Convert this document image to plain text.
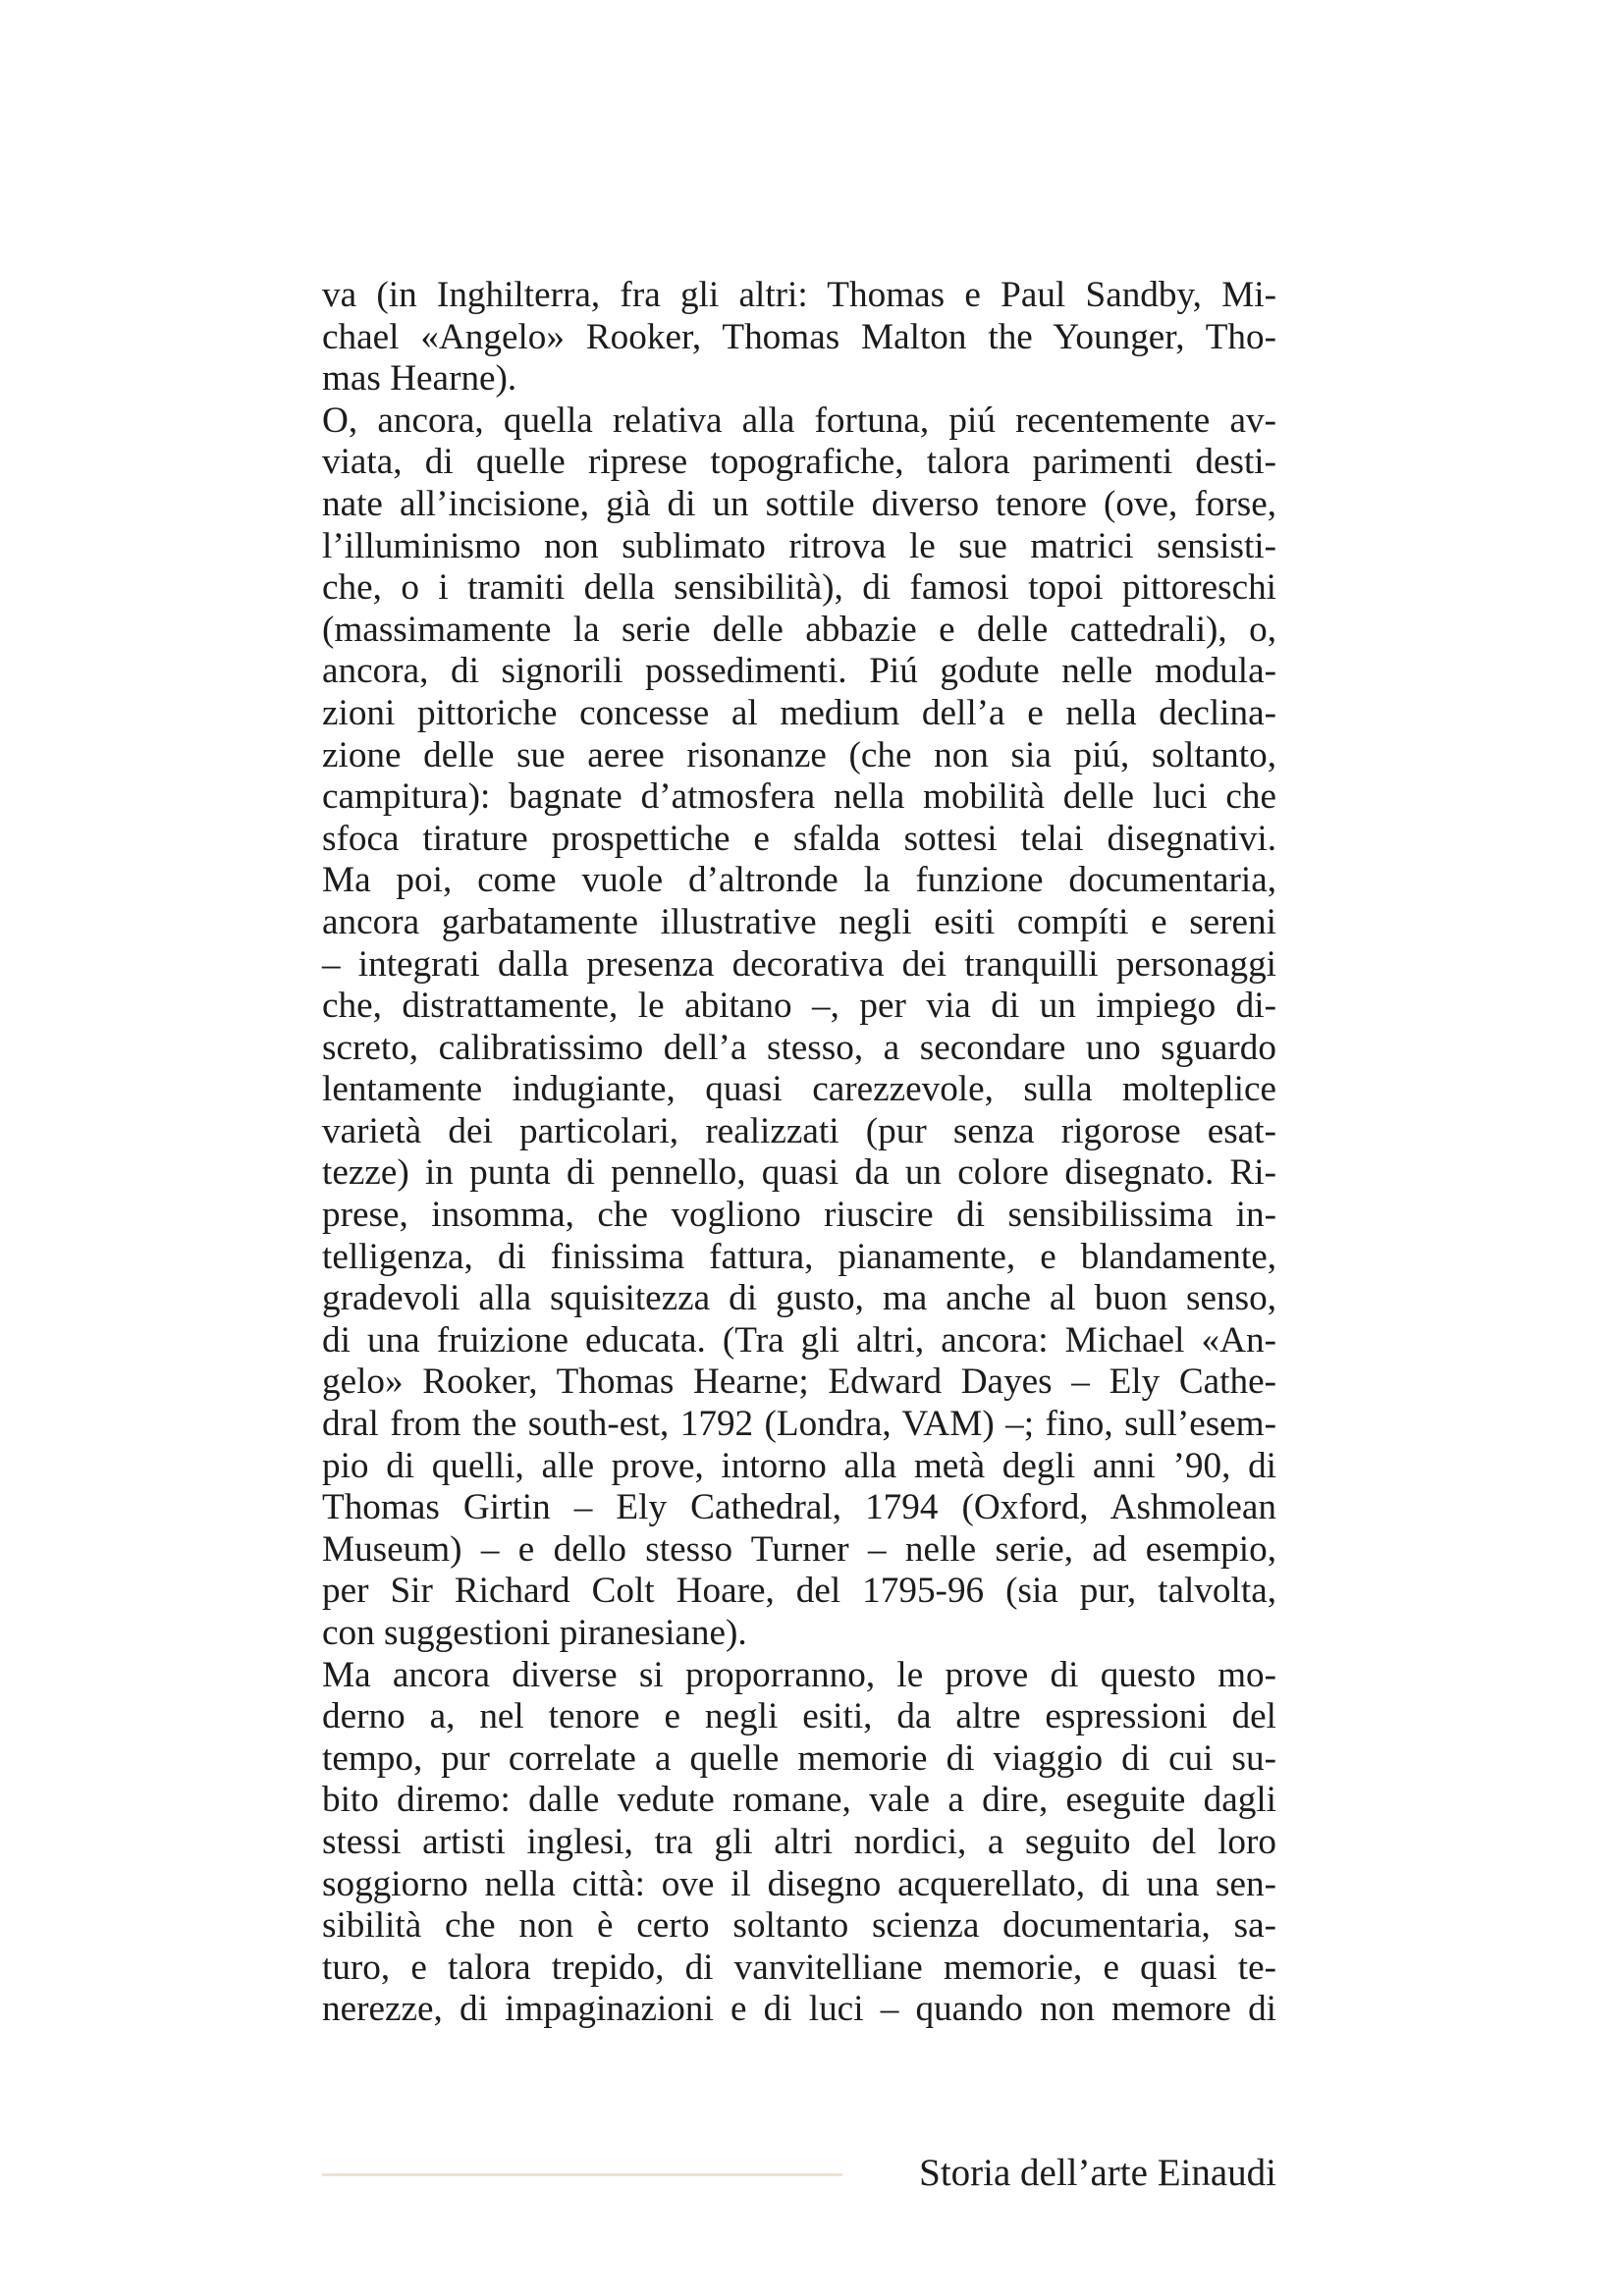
va (in Inghilterra, fra gli altri: Thomas e Paul Sandby, Mi-
chael «Angelo» Rooker, Thomas Malton the Younger, Tho-
mas Hearne).
O, ancora, quella relativa alla fortuna, piú recentemente av-
viata, di quelle riprese topografiche, talora parimenti desti-
nate all’incisione, già di un sottile diverso tenore (ove, forse,
l’illuminismo non sublimato ritrova le sue matrici sensisti-
che, o i tramiti della sensibilità), di famosi topoi pittoreschi
(massimamente la serie delle abbazie e delle cattedrali), o,
ancora, di signorili possedimenti. Piú godute nelle modula-
zioni pittoriche concesse al medium dell’a e nella declina-
zione delle sue aeree risonanze (che non sia piú, soltanto,
campitura): bagnate d’atmosfera nella mobilità delle luci che
sfoca tirature prospettiche e sfalda sottesi telai disegnativi.
Ma poi, come vuole d’altronde la funzione documentaria,
ancora garbatamente illustrative negli esiti compíti e sereni
– integrati dalla presenza decorativa dei tranquilli personaggi
che, distrattamente, le abitano –, per via di un impiego di-
screto, calibratissimo dell’a stesso, a secondare uno sguardo
lentamente indugiante, quasi carezzevole, sulla molteplice
varietà dei particolari, realizzati (pur senza rigorose esat-
tezze) in punta di pennello, quasi da un colore disegnato. Ri-
prese, insomma, che vogliono riuscire di sensibilissima in-
telligenza, di finissima fattura, pianamente, e blandamente,
gradevoli alla squisitezza di gusto, ma anche al buon senso,
di una fruizione educata. (Tra gli altri, ancora: Michael «An-
gelo» Rooker, Thomas Hearne; Edward Dayes – Ely Cathe-
dral from the south-est, 1792 (Londra, VAM) –; fino, sull’esem-
pio di quelli, alle prove, intorno alla metà degli anni ’90, di
Thomas Girtin – Ely Cathedral, 1794 (Oxford, Ashmolean
Museum) – e dello stesso Turner – nelle serie, ad esempio,
per Sir Richard Colt Hoare, del 1795-96 (sia pur, talvolta,
con suggestioni piranesiane).
Ma ancora diverse si proporranno, le prove di questo mo-
derno a, nel tenore e negli esiti, da altre espressioni del
tempo, pur correlate a quelle memorie di viaggio di cui su-
bito diremo: dalle vedute romane, vale a dire, eseguite dagli
stessi artisti inglesi, tra gli altri nordici, a seguito del loro
soggiorno nella città: ove il disegno acquerellato, di una sen-
sibilità che non è certo soltanto scienza documentaria, sa-
turo, e talora trepido, di vanvitelliane memorie, e quasi te-
nerezze, di impaginazioni e di luci – quando non memore di
Storia dell’arte Einaudi
